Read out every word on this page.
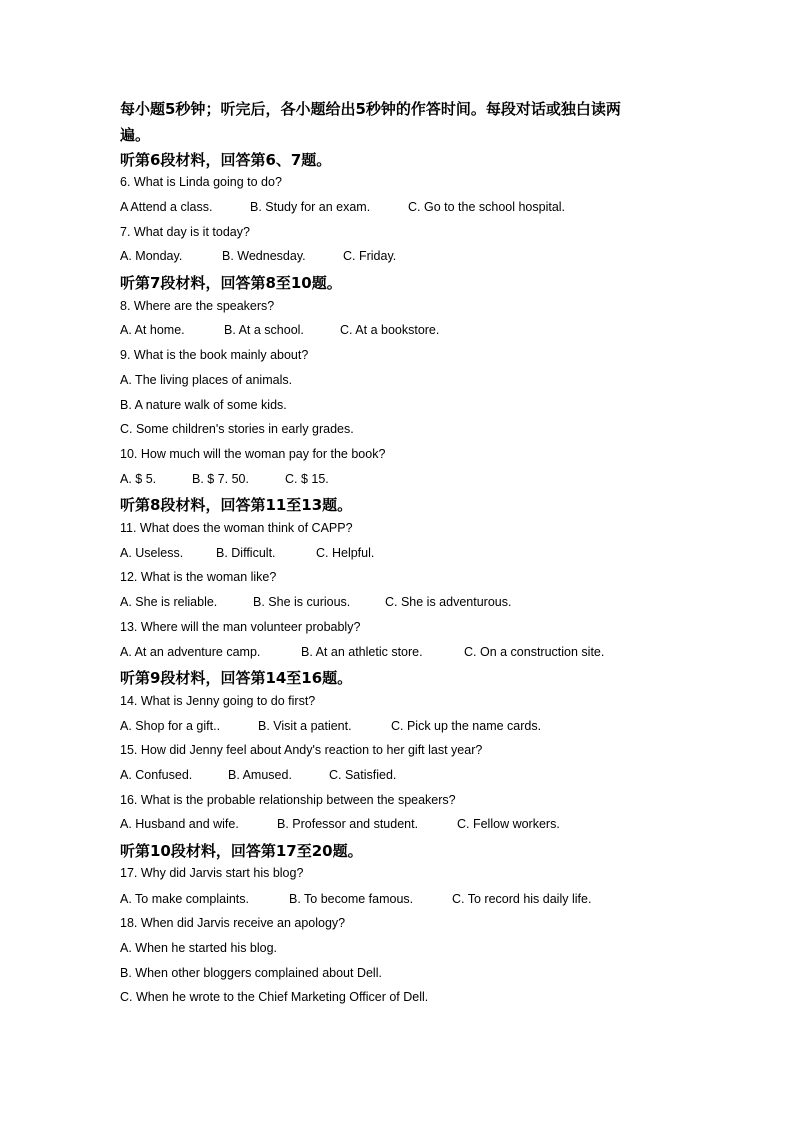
每小题5秒钟；听完后，各小题给出5秒钟的作答时间。每段对话或独白读两
遍。
听第6段材料，回答第6、7题。
6. What is Linda going to do?
A Attend a class.	B. Study for an exam.	C. Go to the school hospital.
7. What day is it today?
A. Monday.	B. Wednesday.	C. Friday.
听第7段材料，回答第8至10题。
8. Where are the speakers?
A. At home.	B. At a school.	C. At a bookstore.
9. What is the book mainly about?
A. The living places of animals.
B. A nature walk of some kids.
C. Some children's stories in early grades.
10. How much will the woman pay for the book?
A. $ 5.	B. $ 7. 50.	C. $ 15.
听第8段材料，回答第11至13题。
11. What does the woman think of CAPP?
A. Useless.	B. Difficult.	C. Helpful.
12. What is the woman like?
A. She is reliable.	B. She is curious.	C. She is adventurous.
13. Where will the man volunteer probably?
A. At an adventure camp.	B. At an athletic store.	C. On a construction site.
听第9段材料，回答第14至16题。
14. What is Jenny going to do first?
A. Shop for a gift..	B. Visit a patient.	C. Pick up the name cards.
15. How did Jenny feel about Andy's reaction to her gift last year?
A. Confused.	B. Amused.	C. Satisfied.
16. What is the probable relationship between the speakers?
A. Husband and wife.	B. Professor and student.	C. Fellow workers.
听第10段材料，回答第17至20题。
17. Why did Jarvis start his blog?
A. To make complaints.	B. To become famous.	C. To record his daily life.
18. When did Jarvis receive an apology?
A. When he started his blog.
B. When other bloggers complained about Dell.
C. When he wrote to the Chief Marketing Officer of Dell.
